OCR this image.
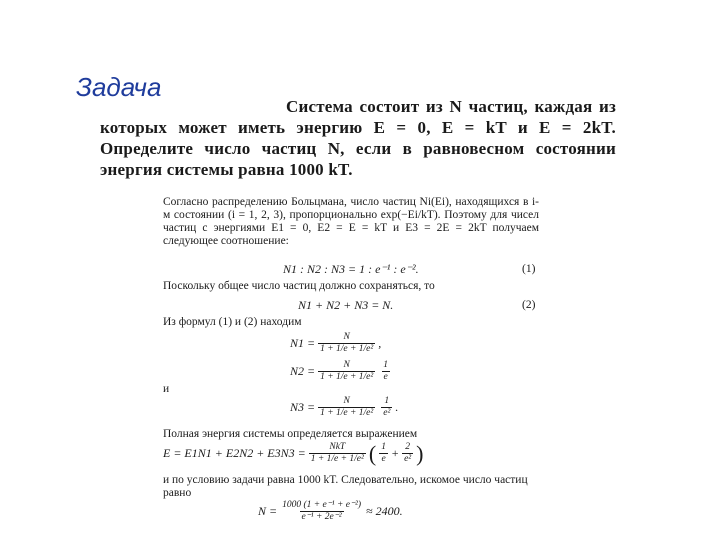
Задача

Система состоит из N частиц, каждая из которых может иметь энергию E = 0, E = kT и E = 2kT. Определите число частиц N, если в равновесном состоянии энергия системы равна 1000 kT.

Согласно распределению Больцмана, число частиц Ni(Ei), находящихся в i-м состоянии (i = 1, 2, 3), пропорционально exp(−Ei/kT). Поэтому для чисел частиц с энергиями E1 = 0, E2 = E = kT и E3 = 2E = 2kT получаем следующее соотношение:

N1 : N2 : N3 = 1 : e⁻¹ : e⁻².	(1)

Поскольку общее число частиц должно сохраняться, то

N1 + N2 + N3 = N.	(2)

Из формул (1) и (2) находим

$N1 = \frac{N}{\text{1 + 1/e + 1/e²}}$ ,
$N2 = \frac{N}{\text{1 + 1/e + 1/e²}} \frac{1}{e}$

и

$N3 = \frac{N}{\text{1 + 1/e + 1/e²}} \frac{1}{\text{e²}}$ .

Полная энергия системы определяется выражением

$E = E1N1 + E2N2 + E3N3 = \frac{\text{NkT}}{\text{1 + 1/e + 1/e²}}$ ( $\frac{1}{e} + \frac{2}{\text{e²}}$ )

и по условию задачи равна 1000 kT. Следовательно, искомое число частиц равно

$N = \frac{\text{1000 (1 + e⁻¹ + e⁻²)}}{\text{e⁻¹ + 2e⁻²}} \approx 2400$.
